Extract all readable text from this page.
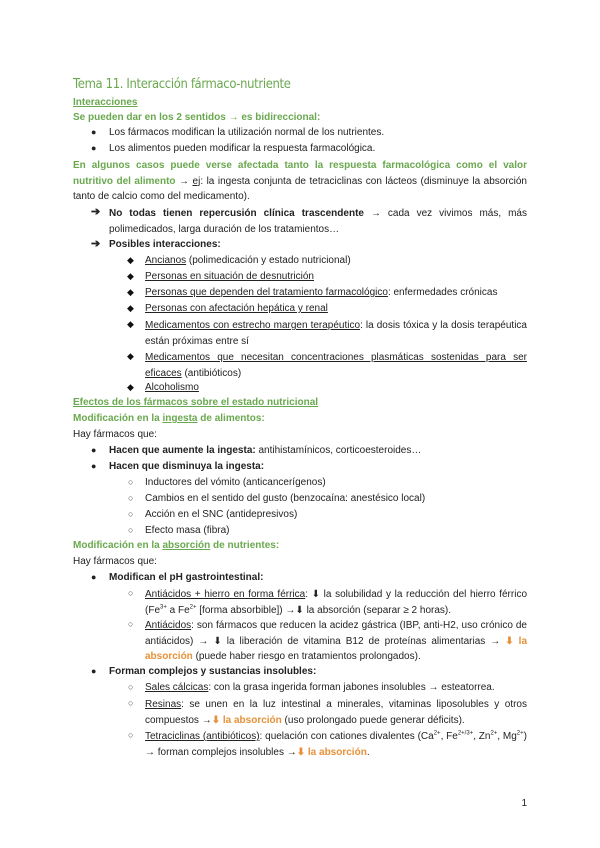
Tema 11. Interacción fármaco-nutriente
Interacciones
Se pueden dar en los 2 sentidos → es bidireccional:
● Los fármacos modifican la utilización normal de los nutrientes.
● Los alimentos pueden modificar la respuesta farmacológica.
En algunos casos puede verse afectada tanto la respuesta farmacológica como el valor nutritivo del alimento → ej: la ingesta conjunta de tetraciclinas con lácteos (disminuye la absorción tanto de calcio como del medicamento).
➔ No todas tienen repercusión clínica trascendente → cada vez vivimos más, más polimedicados, larga duración de los tratamientos…
➔ Posibles interacciones:
◆ Ancianos (polimedicación y estado nutricional)
◆ Personas en situación de desnutrición
◆ Personas que dependen del tratamiento farmacológico: enfermedades crónicas
◆ Personas con afectación hepática y renal
◆ Medicamentos con estrecho margen terapéutico: la dosis tóxica y la dosis terapéutica están próximas entre sí
◆ Medicamentos que necesitan concentraciones plasmáticas sostenidas para ser eficaces (antibióticos)
◆ Alcoholismo
Efectos de los fármacos sobre el estado nutricional
Modificación en la ingesta de alimentos:
Hay fármacos que:
● Hacen que aumente la ingesta: antihistamínicos, corticoesteroides…
● Hacen que disminuya la ingesta:
○ Inductores del vómito (anticancerígenos)
○ Cambios en el sentido del gusto (benzocaína: anestésico local)
○ Acción en el SNC (antidepresivos)
○ Efecto masa (fibra)
Modificación en la absorción de nutrientes:
Hay fármacos que:
● Modifican el pH gastrointestinal:
○ Antiácidos + hierro en forma férrica: ⬇ la solubilidad y la reducción del hierro férrico ($Fe^{3+}$ a $Fe^{2+}$ [forma absorbible]) →⬇ la absorción (separar ≥ 2 horas).
○ Antiácidos: son fármacos que reducen la acidez gástrica (IBP, anti-H2, uso crónico de antiácidos) → ⬇ la liberación de vitamina B12 de proteínas alimentarias → ⬇ la absorción (puede haber riesgo en tratamientos prolongados).
● Forman complejos y sustancias insolubles:
○ Sales cálcicas: con la grasa ingerida forman jabones insolubles → esteatorrea.
○ Resinas: se unen en la luz intestinal a minerales, vitaminas liposolubles y otros compuestos →⬇ la absorción (uso prolongado puede generar déficits).
○ Tetraciclinas (antibióticos): quelación con cationes divalentes ($Ca^{2+}$, $Fe^{2+/3+}$, $Zn^{2+}$, $Mg^{2+}$) → forman complejos insolubles →⬇ la absorción.
1
